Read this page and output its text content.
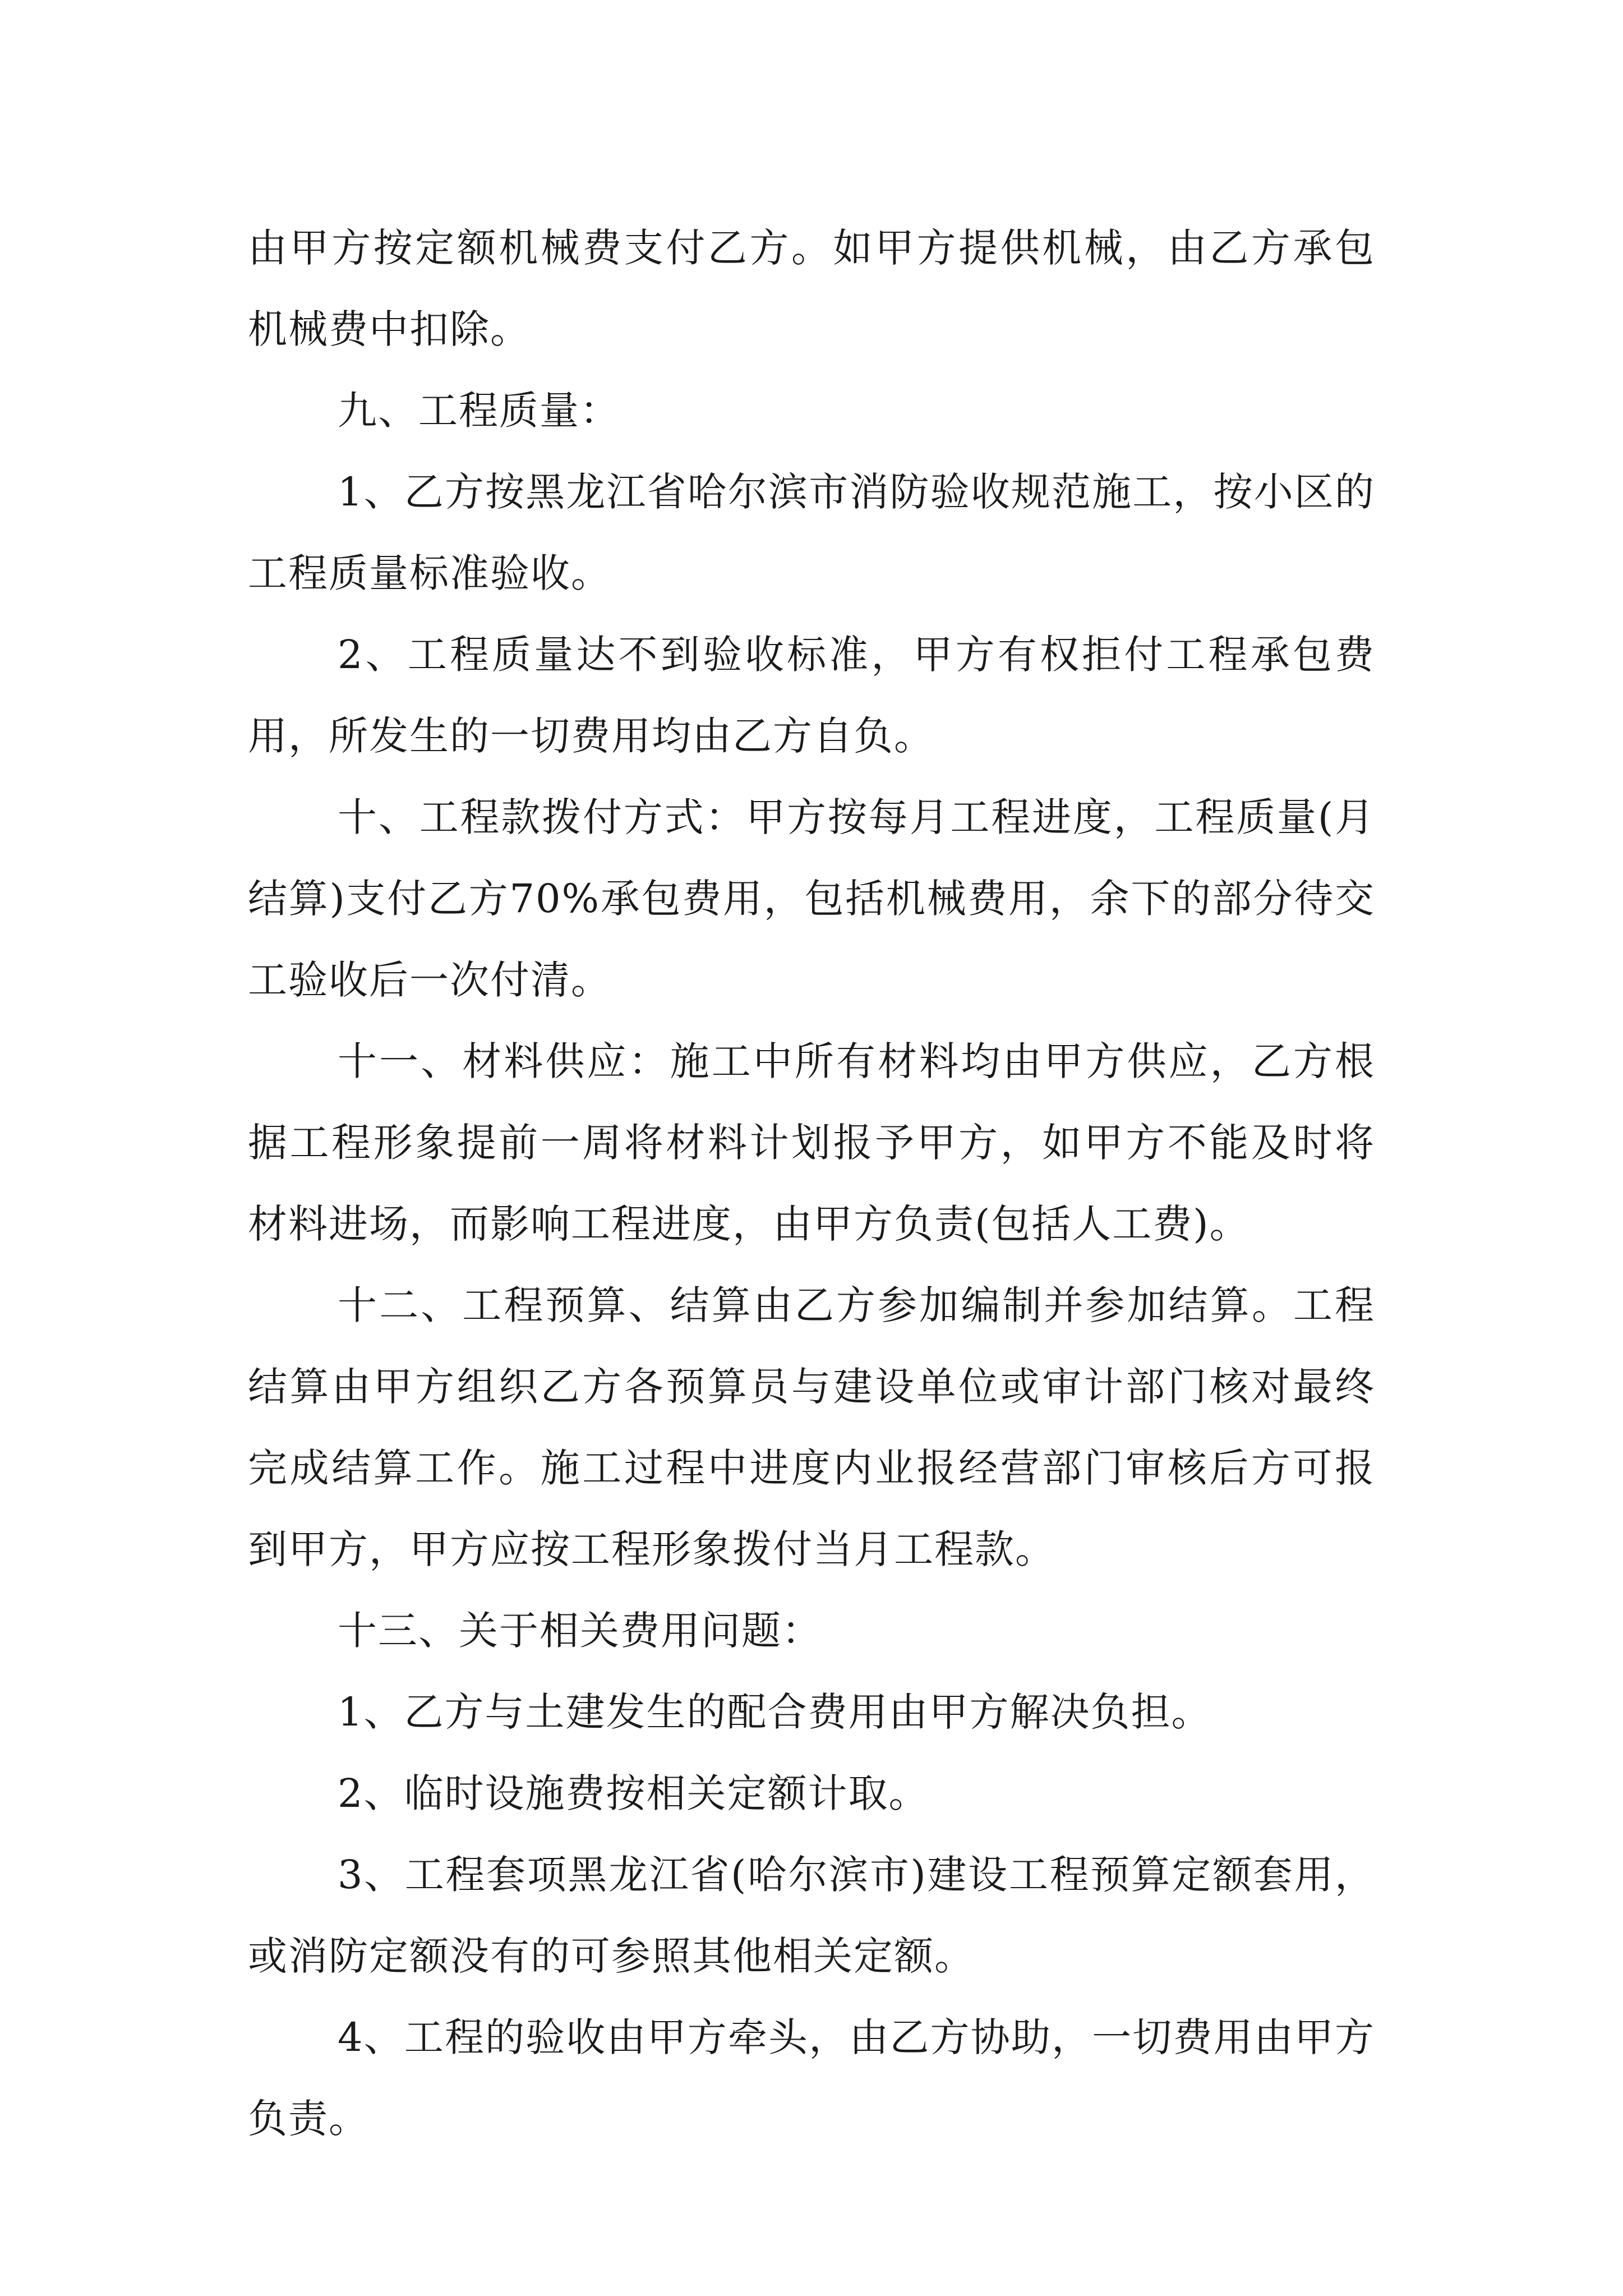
由甲方按定额机械费支付乙方。如甲方提供机械，由乙方承包机械费中扣除。

九、工程质量：

1、乙方按黑龙江省哈尔滨市消防验收规范施工，按小区的工程质量标准验收。

2、工程质量达不到验收标准，甲方有权拒付工程承包费用，所发生的一切费用均由乙方自负。

十、工程款拨付方式：甲方按每月工程进度，工程质量(月结算)支付乙方70%承包费用，包括机械费用，余下的部分待交工验收后一次付清。

十一、材料供应：施工中所有材料均由甲方供应，乙方根据工程形象提前一周将材料计划报予甲方，如甲方不能及时将材料进场，而影响工程进度，由甲方负责(包括人工费)。

十二、工程预算、结算由乙方参加编制并参加结算。工程结算由甲方组织乙方各预算员与建设单位或审计部门核对最终完成结算工作。施工过程中进度内业报经营部门审核后方可报到甲方，甲方应按工程形象拨付当月工程款。

十三、关于相关费用问题：

1、乙方与土建发生的配合费用由甲方解决负担。

2、临时设施费按相关定额计取。

3、工程套项黑龙江省(哈尔滨市)建设工程预算定额套用，或消防定额没有的可参照其他相关定额。

4、工程的验收由甲方牵头，由乙方协助，一切费用由甲方负责。
